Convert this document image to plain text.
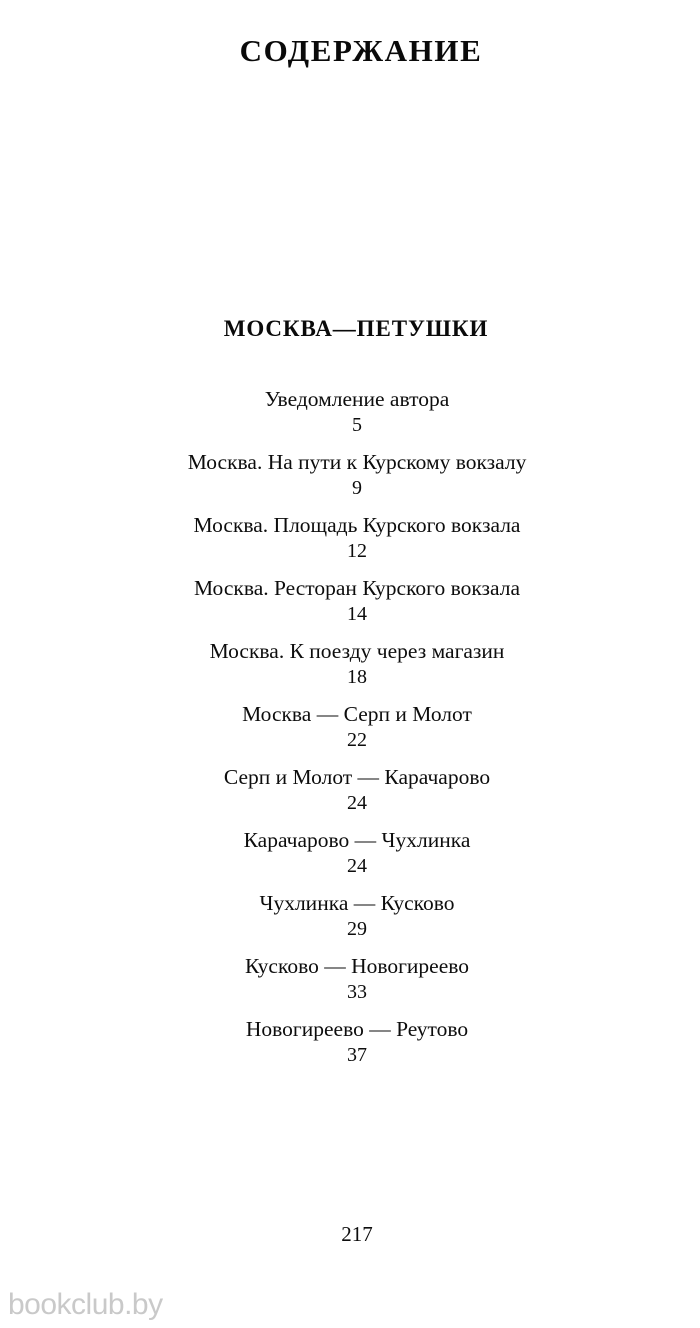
СОДЕРЖАНИЕ
МОСКВА—ПЕТУШКИ
Уведомление автора
5
Москва. На пути к Курскому вокзалу
9
Москва. Площадь Курского вокзала
12
Москва. Ресторан Курского вокзала
14
Москва. К поезду через магазин
18
Москва — Серп и Молот
22
Серп и Молот — Карачарово
24
Карачарово — Чухлинка
24
Чухлинка — Кусково
29
Кусково — Новогиреево
33
Новогиреево — Реутово
37
217
bookclub.by
